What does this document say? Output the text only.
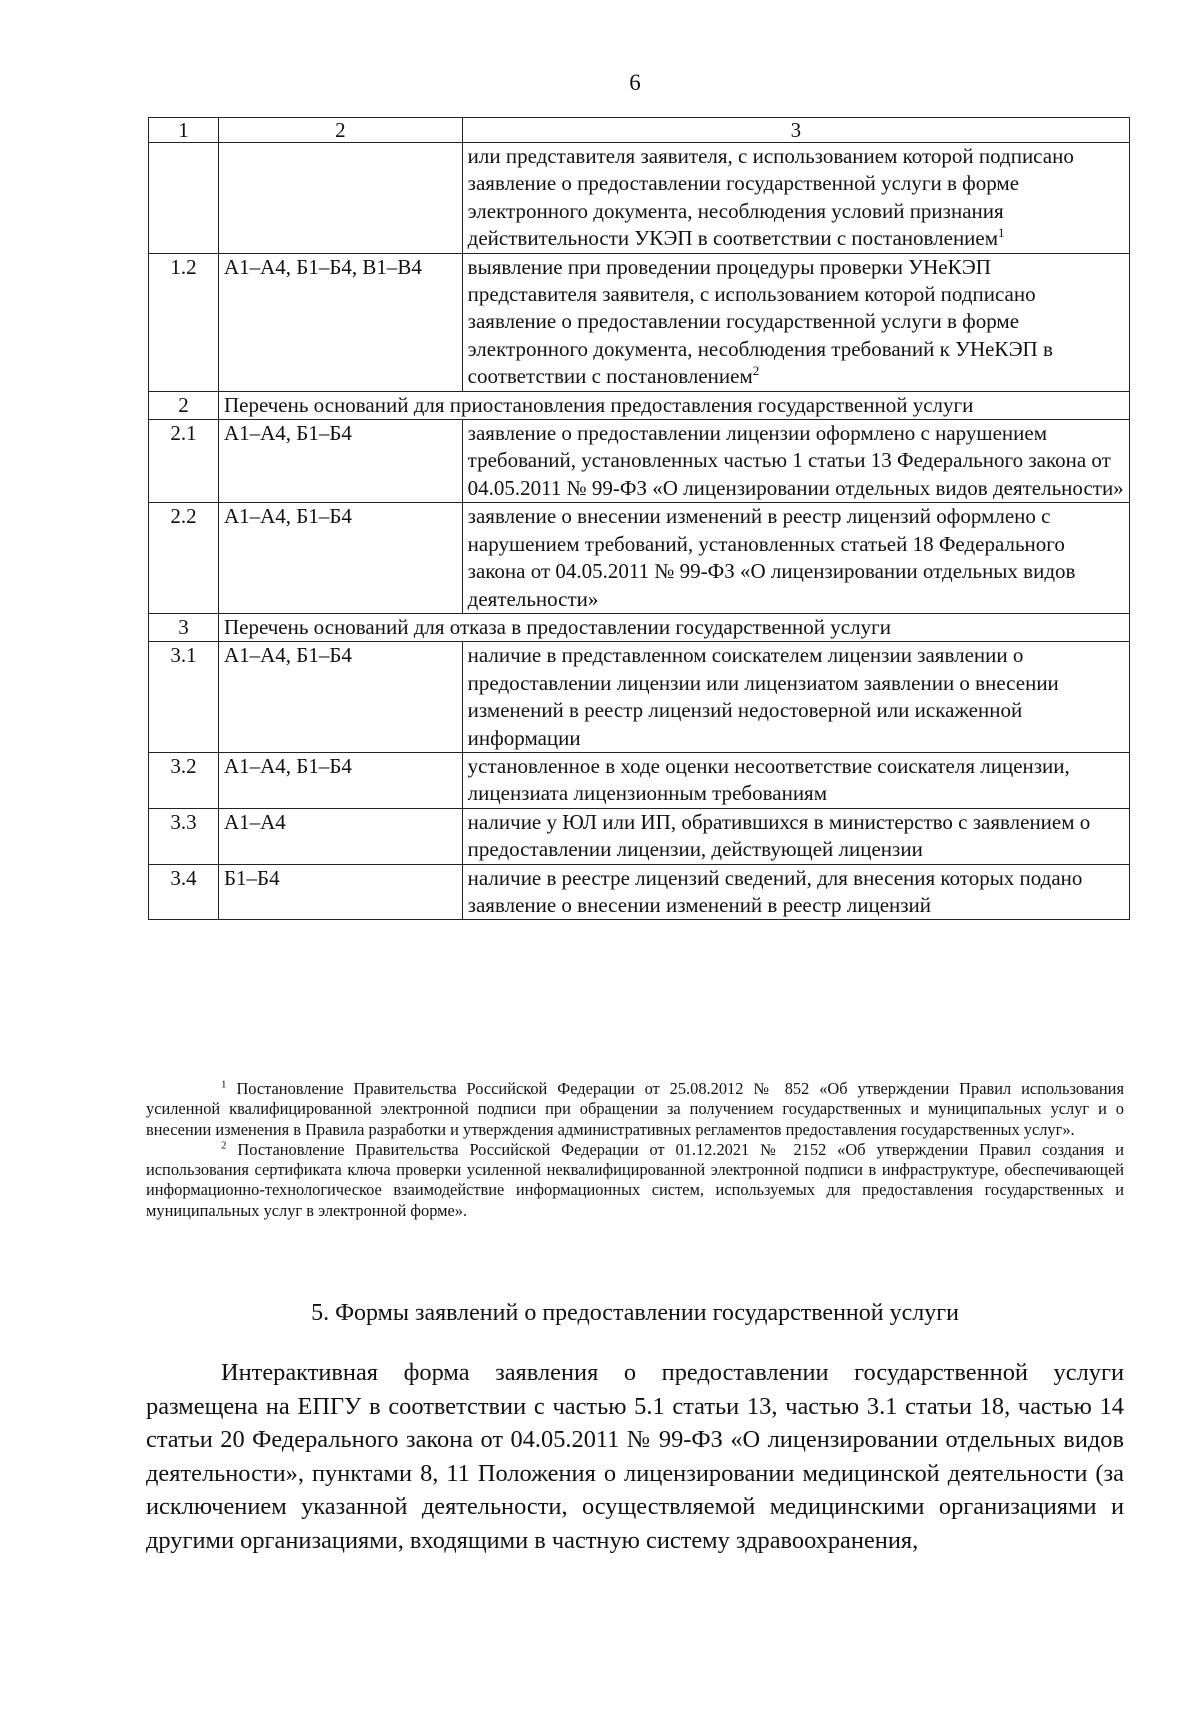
6
1	2	3
		или представителя заявителя, с использованием которой подписано заявление о предоставлении государственной услуги в форме электронного документа, несоблюдения условий признания действительности УКЭП в соответствии с постановлением$^1$
1.2	А1–А4, Б1–Б4, В1–В4	выявление при проведении процедуры проверки УНеКЭП представителя заявителя, с использованием которой подписано заявление о предоставлении государственной услуги в форме электронного документа, несоблюдения требований к УНеКЭП в соответствии с постановлением$^2$
2	Перечень оснований для приостановления предоставления государственной услуги	
2.1	А1–А4, Б1–Б4	заявление о предоставлении лицензии оформлено с нарушением требований, установленных частью 1 статьи 13 Федерального закона от 04.05.2011 № 99-ФЗ «О лицензировании отдельных видов деятельности»
2.2	А1–А4, Б1–Б4	заявление о внесении изменений в реестр лицензий оформлено с нарушением требований, установленных статьей 18 Федерального закона от 04.05.2011 № 99-ФЗ «О лицензировании отдельных видов деятельности»
3	Перечень оснований для отказа в предоставлении государственной услуги	
3.1	А1–А4, Б1–Б4	наличие в представленном соискателем лицензии заявлении о предоставлении лицензии или лицензиатом заявлении о внесении изменений в реестр лицензий недостоверной или искаженной информации
3.2	А1–А4, Б1–Б4	установленное в ходе оценки несоответствие соискателя лицензии, лицензиата лицензионным требованиям
3.3	А1–А4	наличие у ЮЛ или ИП, обратившихся в министерство с заявлением о предоставлении лицензии, действующей лицензии
3.4	Б1–Б4	наличие в реестре лицензий сведений, для внесения которых подано заявление о внесении изменений в реестр лицензий

$^1$ Постановление Правительства Российской Федерации от 25.08.2012 № 852 «Об утверждении Правил использования усиленной квалифицированной электронной подписи при обращении за получением государственных и муниципальных услуг и о внесении изменения в Правила разработки и утверждения административных регламентов предоставления государственных услуг».

$^2$ Постановление Правительства Российской Федерации от 01.12.2021 № 2152 «Об утверждении Правил создания и использования сертификата ключа проверки усиленной неквалифицированной электронной подписи в инфраструктуре, обеспечивающей информационно-технологическое взаимодействие информационных систем, используемых для предоставления государственных и муниципальных услуг в электронной форме».

5. Формы заявлений о предоставлении государственной услуги

Интерактивная форма заявления о предоставлении государственной услуги размещена на ЕПГУ в соответствии с частью 5.1 статьи 13, частью 3.1 статьи 18, частью 14 статьи 20 Федерального закона от 04.05.2011 № 99-ФЗ «О лицензировании отдельных видов деятельности», пунктами 8, 11 Положения о лицензировании медицинской деятельности (за исключением указанной деятельности, осуществляемой медицинскими организациями и другими организациями, входящими в частную систему здравоохранения,
